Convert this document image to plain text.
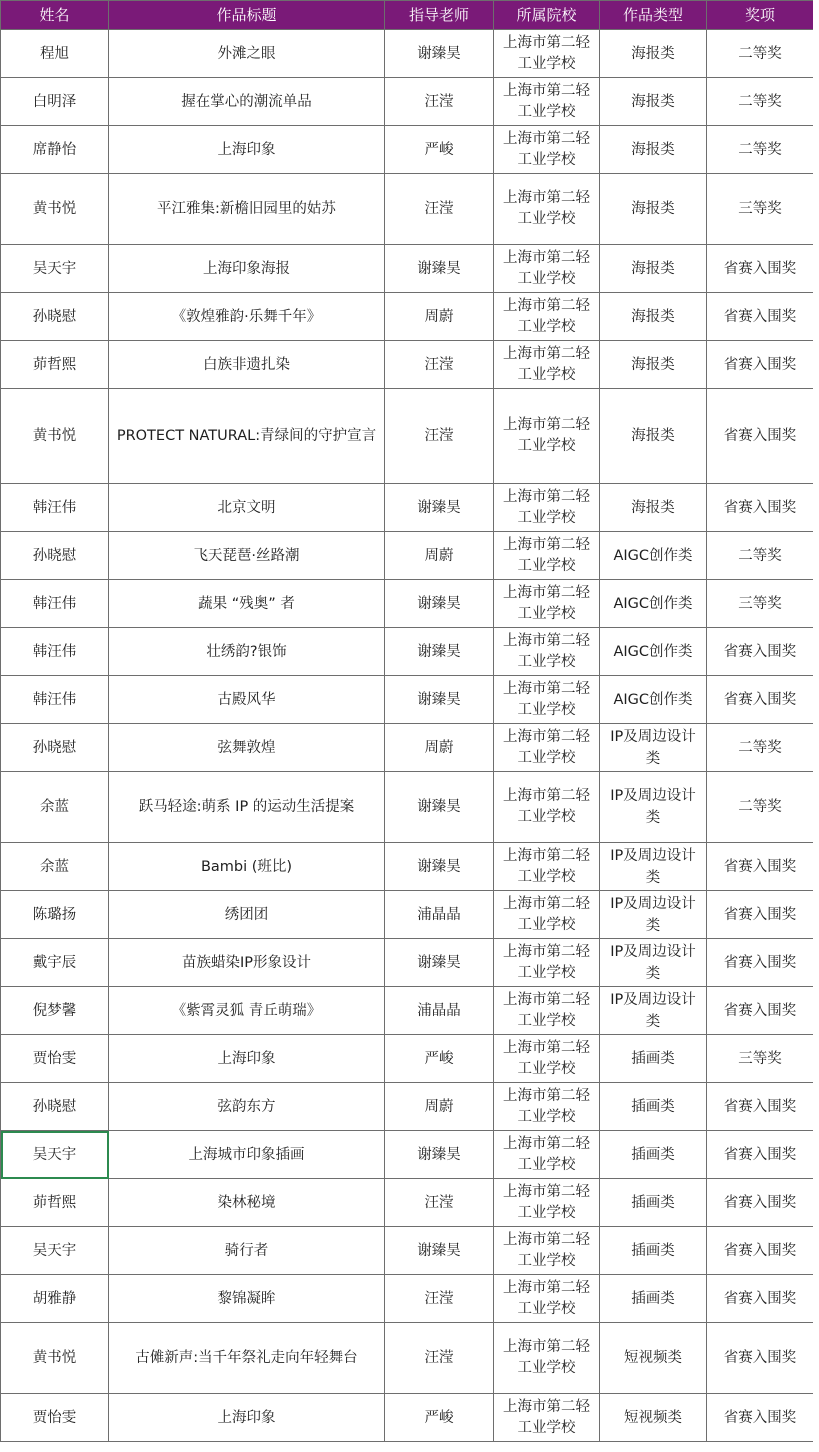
姓名	作品标题	指导老师	所属院校	作品类型	奖项
程旭	外滩之眼	谢臻昊	上海市第二轻工业学校	海报类	二等奖
白明泽	握在掌心的潮流单品	汪滢	上海市第二轻工业学校	海报类	二等奖
席静怡	上海印象	严峻	上海市第二轻工业学校	海报类	二等奖
黄书悦	平江雅集:新檐旧园里的姑苏	汪滢	上海市第二轻工业学校	海报类	三等奖
吴天宇	上海印象海报	谢臻昊	上海市第二轻工业学校	海报类	省赛入围奖
孙晓慰	《敦煌雅韵·乐舞千年》	周蔚	上海市第二轻工业学校	海报类	省赛入围奖
茆哲熙	白族非遗扎染	汪滢	上海市第二轻工业学校	海报类	省赛入围奖
黄书悦	PROTECT NATURAL:青绿间的守护宣言	汪滢	上海市第二轻工业学校	海报类	省赛入围奖
韩汪伟	北京文明	谢臻昊	上海市第二轻工业学校	海报类	省赛入围奖
孙晓慰	飞天琵琶·丝路潮	周蔚	上海市第二轻工业学校	AIGC创作类	二等奖
韩汪伟	蔬果 “残奥” 者	谢臻昊	上海市第二轻工业学校	AIGC创作类	三等奖
韩汪伟	壮绣韵?银饰	谢臻昊	上海市第二轻工业学校	AIGC创作类	省赛入围奖
韩汪伟	古殿风华	谢臻昊	上海市第二轻工业学校	AIGC创作类	省赛入围奖
孙晓慰	弦舞敦煌	周蔚	上海市第二轻工业学校	IP及周边设计类	二等奖
余蓝	跃马轻途:萌系 IP 的运动生活提案	谢臻昊	上海市第二轻工业学校	IP及周边设计类	二等奖
余蓝	Bambi (班比)	谢臻昊	上海市第二轻工业学校	IP及周边设计类	省赛入围奖
陈璐扬	绣团团	浦晶晶	上海市第二轻工业学校	IP及周边设计类	省赛入围奖
戴宇辰	苗族蜡染IP形象设计	谢臻昊	上海市第二轻工业学校	IP及周边设计类	省赛入围奖
倪梦馨	《紫霄灵狐 青丘萌瑞》	浦晶晶	上海市第二轻工业学校	IP及周边设计类	省赛入围奖
贾怡雯	上海印象	严峻	上海市第二轻工业学校	插画类	三等奖
孙晓慰	弦韵东方	周蔚	上海市第二轻工业学校	插画类	省赛入围奖
吴天宇	上海城市印象插画	谢臻昊	上海市第二轻工业学校	插画类	省赛入围奖
茆哲熙	染林秘境	汪滢	上海市第二轻工业学校	插画类	省赛入围奖
吴天宇	骑行者	谢臻昊	上海市第二轻工业学校	插画类	省赛入围奖
胡雅静	黎锦凝眸	汪滢	上海市第二轻工业学校	插画类	省赛入围奖
黄书悦	古傩新声:当千年祭礼走向年轻舞台	汪滢	上海市第二轻工业学校	短视频类	省赛入围奖
贾怡雯	上海印象	严峻	上海市第二轻工业学校	短视频类	省赛入围奖
